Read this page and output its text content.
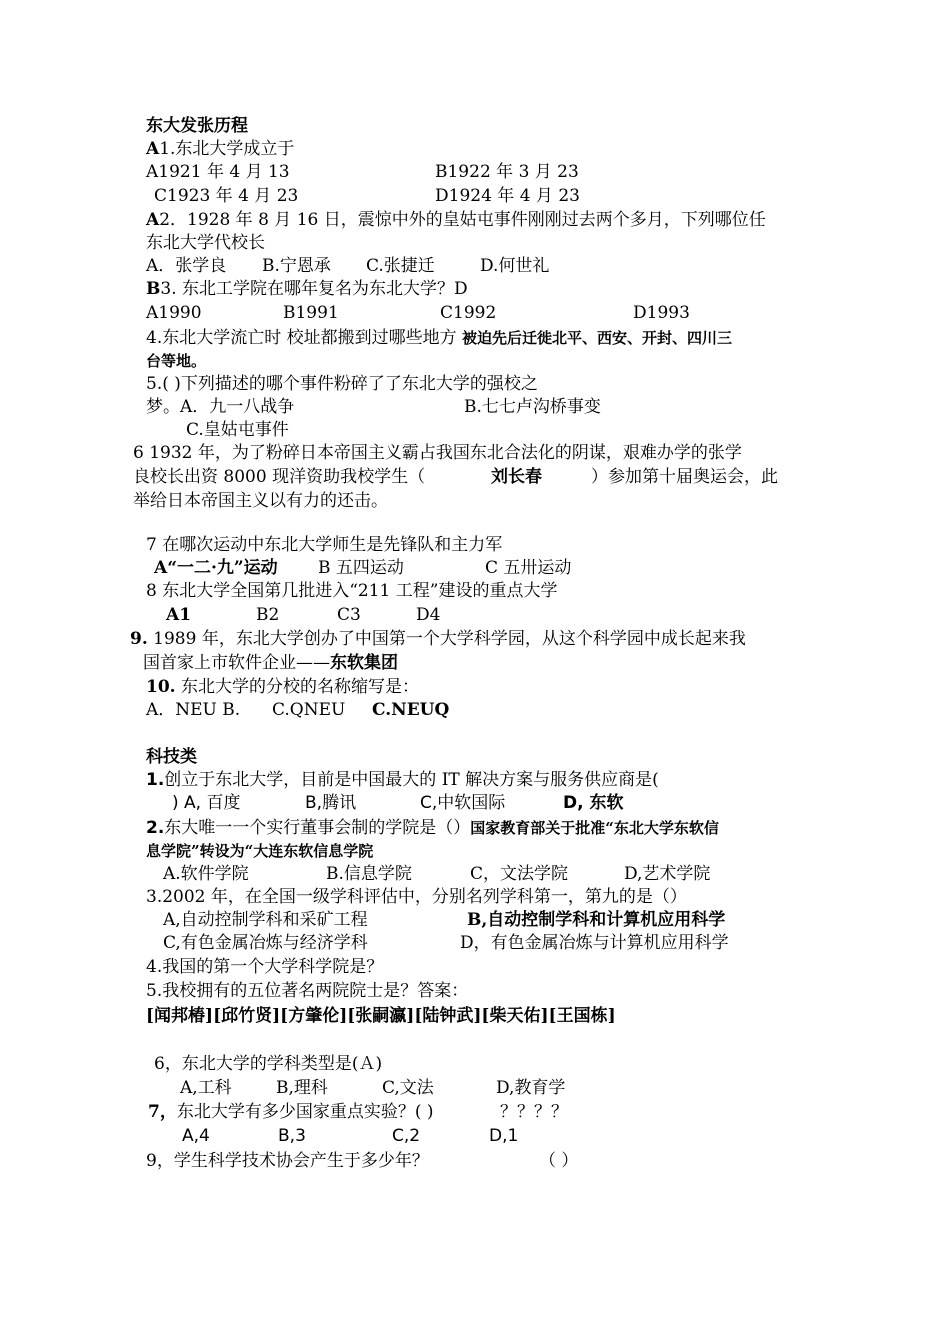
东大发张历程
A1.东北大学成立于
A1921 年 4 月 13	B1922 年 3 月 23
C1923 年 4 月 23	D1924 年 4 月 23
A2．1928 年 8 月 16 日，震惊中外的皇姑屯事件刚刚过去两个多月，下列哪位任
东北大学代校长
A．张学良 B.宁恩承 C.张捷迁	D.何世礼
B3. 东北工学院在哪年复名为东北大学？D
A1990	B1991	C1992	D1993
4.东北大学流亡时 校址都搬到过哪些地方 被迫先后迁徙北平、西安、开封、四川三
台等地。
5.( )下列描述的哪个事件粉碎了了东北大学的强校之
梦。A．九一八战争	B.七七卢沟桥事变
C.皇姑屯事件
6 1932 年，为了粉碎日本帝国主义霸占我国东北合法化的阴谋，艰难办学的张学
良校长出资 8000 现洋资助我校学生（	刘长春	）参加第十届奥运会，此
举给日本帝国主义以有力的还击。
7 在哪次运动中东北大学师生是先锋队和主力军
A“一二·九”运动 B 五四运动	C 五卅运动
8 东北大学全国第几批进入“211 工程”建设的重点大学
A1	B2	C3	D4
9. 1989 年，东北大学创办了中国第一个大学科学园，从这个科学园中成长起来我
国首家上市软件企业——东软集团
10. 东北大学的分校的名称缩写是：
A．NEU B. C.QNEU C.NEUQ
科技类
1.创立于东北大学，目前是中国最大的 IT 解决方案与服务供应商是(
) A, 百度	B,腾讯	C,中软国际	D, 东软
2.东大唯一一个实行董事会制的学院是（）国家教育部关于批准“东北大学东软信
息学院”转设为“大连东软信息学院
A.软件学院	B.信息学院	C，文法学院	D,艺术学院
3.2002 年，在全国一级学科评估中，分别名列学科第一，第九的是（）
A,自动控制学科和采矿工程	B,自动控制学科和计算机应用科学
C,有色金属冶炼与经济学科	D，有色金属冶炼与计算机应用科学
4.我国的第一个大学科学院是？
5.我校拥有的五位著名两院院士是？答案：
[闻邦椿][邱竹贤][方肇伦][张嗣瀛][陆钟武][柴天佑][王国栋]
6，东北大学的学科类型是(Ａ)
A,工科	B,理科	C,文法	D,教育学
7，东北大学有多少国家重点实验？( )	？？？？
A,4	B,3	C,2	D,1
9，学生科学技术协会产生于多少年？	（ ）
